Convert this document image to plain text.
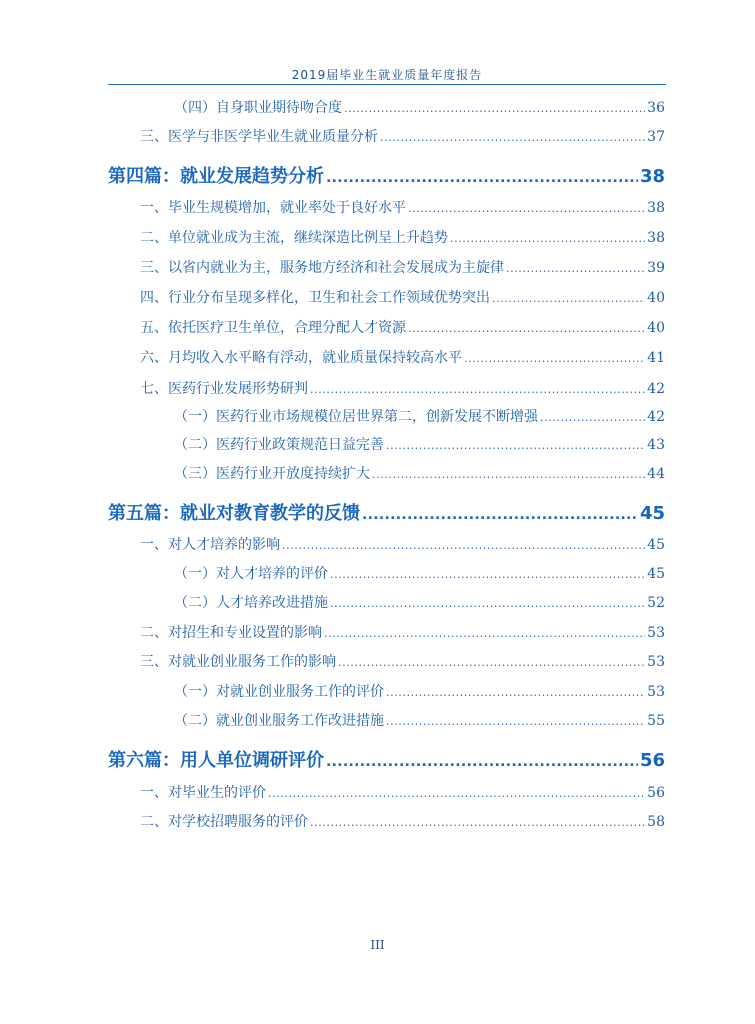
2019届毕业生就业质量年度报告
（四）自身职业期待吻合度 .....	36
三、医学与非医学毕业生就业质量分析 .....	37
第四篇：就业发展趋势分析 .....	38
一、毕业生规模增加，就业率处于良好水平 .....	38
二、单位就业成为主流，继续深造比例呈上升趋势 .....	38
三、以省内就业为主，服务地方经济和社会发展成为主旋律 .....	39
四、行业分布呈现多样化，卫生和社会工作领域优势突出 .....	40
五、依托医疗卫生单位，合理分配人才资源 .....	40
六、月均收入水平略有浮动，就业质量保持较高水平 .....	41
七、医药行业发展形势研判 .....	42
（一）医药行业市场规模位居世界第二，创新发展不断增强 .....	42
（二）医药行业政策规范日益完善 .....	43
（三）医药行业开放度持续扩大 .....	44
第五篇：就业对教育教学的反馈 .....	45
一、对人才培养的影响 .....	45
（一）对人才培养的评价 .....	45
（二）人才培养改进措施 .....	52
二、对招生和专业设置的影响 .....	53
三、对就业创业服务工作的影响 .....	53
（一）对就业创业服务工作的评价 .....	53
（二）就业创业服务工作改进措施 .....	55
第六篇：用人单位调研评价 .....	56
一、对毕业生的评价 .....	56
二、对学校招聘服务的评价 .....	58
III
